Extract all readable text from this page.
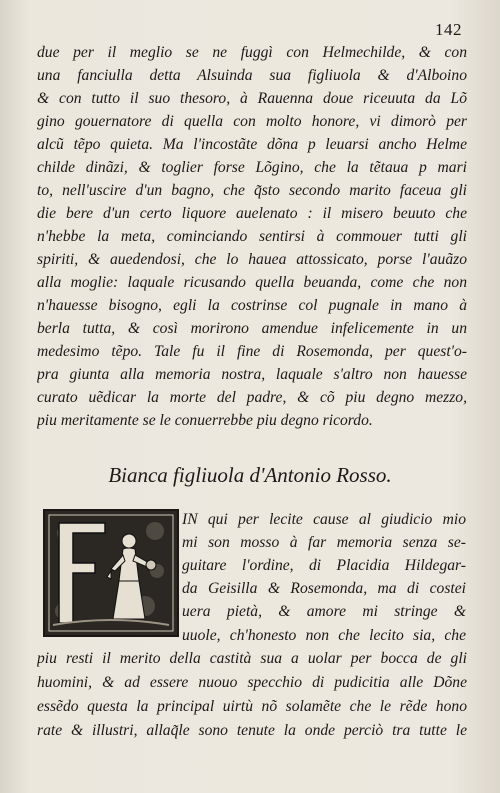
142
due per il meglio se ne fuggì con Helmechilde, & con
una fanciulla detta Alsuinda sua figliuola & d'Alboino
& con tutto il suo thesoro, à Rauenna doue riceuuta da Lõ
gino gouernatore di quella con molto honore, vi dimorò per
alcũ tẽpo quieta. Ma l'incostãte dõna p leuarsi ancho Helme
childe dinãzi, & toglier forse Lõgino, che la tẽtaua p mari
to, nell'uscire d'un bagno, che q̃sto secondo marito faceua gli
die bere d'un certo liquore auelenato : il misero beuuto che
n'hebbe la meta, cominciando sentirsi à commouer tutti gli
spiriti, & auedendosi, che lo hauea attossicato, porse l'auãzo
alla moglie: laquale ricusando quella beuanda, come che non
n'hauesse bisogno, egli la costrinse col pugnale in mano à
berla tutta, & così morirono amendue infelicemente in un
medesimo tẽpo. Tale fu il fine di Rosemonda, per quest'o-
pra giunta alla memoria nostra, laquale s'altro non hauesse
curato uẽdicar la morte del padre, & cõ piu degno mezzo,
piu meritamente se le conuerrebbe piu degno ricordo.
Bianca figliuola d'Antonio Rosso.
IN qui per lecite cause al giudicio mio
mi son mosso à far memoria senza se-
guitare l'ordine, di Placidia Hildegar-
da Geisilla & Rosemonda, ma di costei
uera pietà, & amore mi stringe &
uuole, ch'honesto non che lecito sia, che
piu resti il merito della castità sua a uolar per bocca de gli
huomini, & ad essere nuouo specchio di pudicitia alle Dõne
essẽdo questa la principal uirtù nõ solamẽte che le rẽde hono
rate & illustri, allaq̃le sono tenute la onde perciò tra tutte le
